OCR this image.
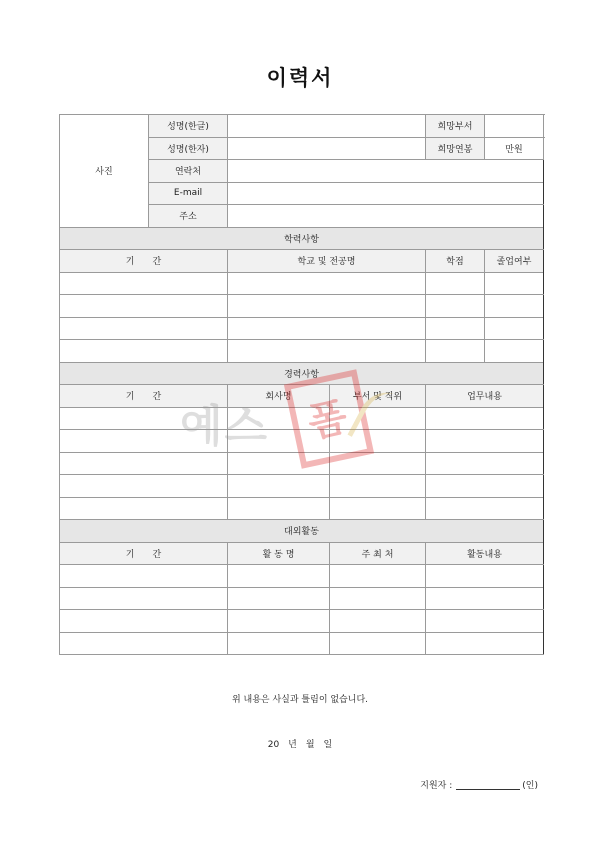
이력서
사진	성명(한글)			희망부서	
	성명(한자)			희망연봉	만원
	연락처				
	E-mail				
	주소				
학력사항					
기　　간		학교 및 전공명		학점	졸업여부

경력사항					
기　　간		회사명	부서 및 직위	업무내용	

대외활동					
기　　간		활 동 명	주 최 처	활동내용	

예스 폼
위 내용은 사실과 틀림이 없습니다.
20　년　월　일
지원자 :	(인)
